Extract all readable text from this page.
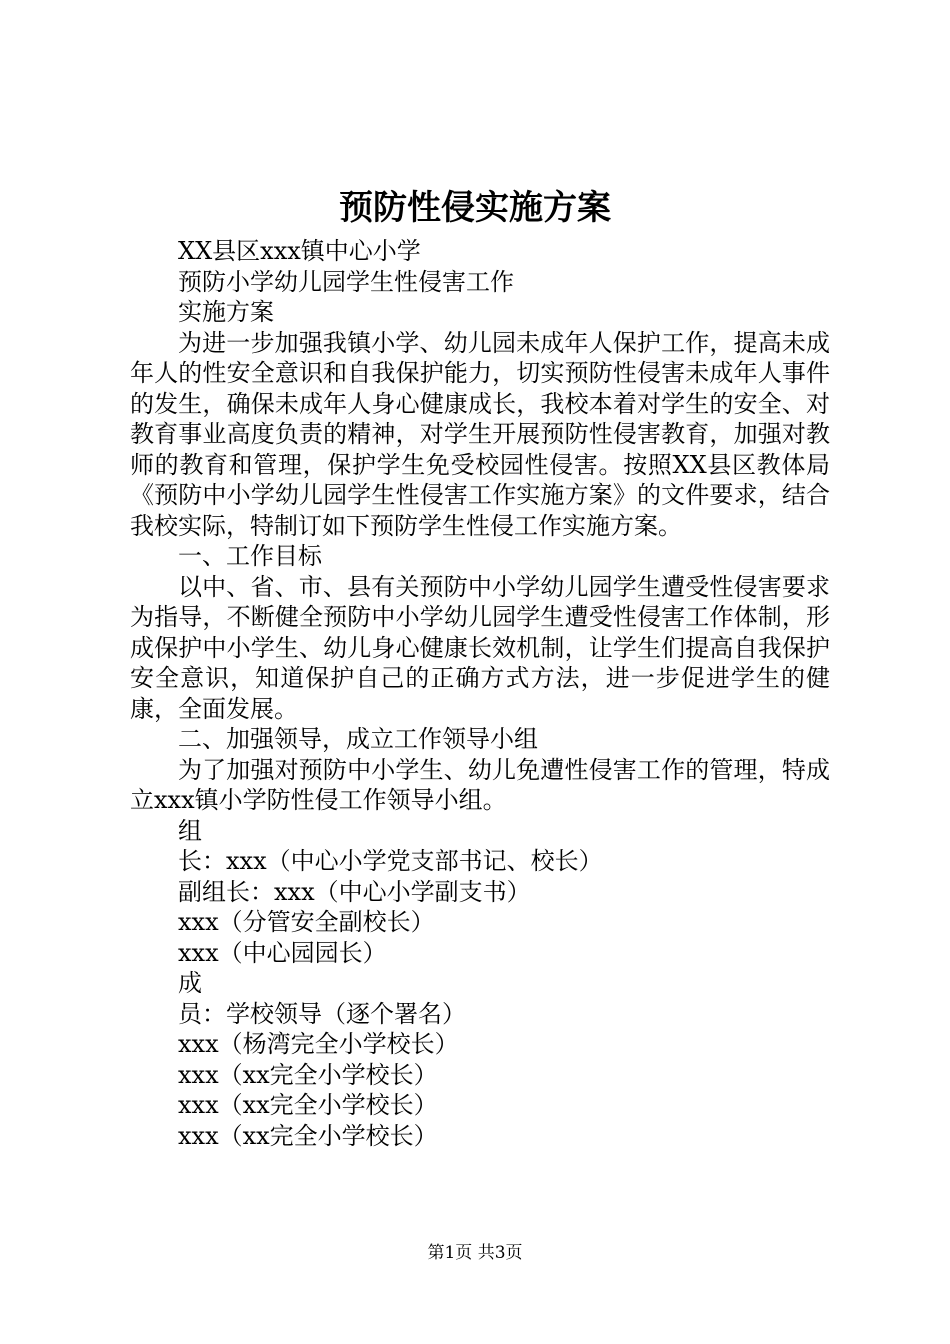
预防性侵实施方案

XX县区xxx镇中心小学

预防小学幼儿园学生性侵害工作

实施方案

为进一步加强我镇小学、幼儿园未成年人保护工作，提高未成年人的性安全意识和自我保护能力，切实预防性侵害未成年人事件的发生，确保未成年人身心健康成长，我校本着对学生的安全、对教育事业高度负责的精神，对学生开展预防性侵害教育，加强对教师的教育和管理，保护学生免受校园性侵害。按照XX县区教体局《预防中小学幼儿园学生性侵害工作实施方案》的文件要求，结合我校实际，特制订如下预防学生性侵工作实施方案。

一、工作目标

以中、省、市、县有关预防中小学幼儿园学生遭受性侵害要求为指导，不断健全预防中小学幼儿园学生遭受性侵害工作体制，形成保护中小学生、幼儿身心健康长效机制，让学生们提高自我保护安全意识，知道保护自己的正确方式方法，进一步促进学生的健康，全面发展。

二、加强领导，成立工作领导小组

为了加强对预防中小学生、幼儿免遭性侵害工作的管理，特成立xxx镇小学防性侵工作领导小组。

组

长：xxx（中心小学党支部书记、校长）

副组长：xxx（中心小学副支书）

xxx（分管安全副校长）

xxx（中心园园长）

成

员：学校领导（逐个署名）

xxx（杨湾完全小学校长）

xxx（xx完全小学校长）

xxx（xx完全小学校长）

xxx（xx完全小学校长）

第1页 共3页
